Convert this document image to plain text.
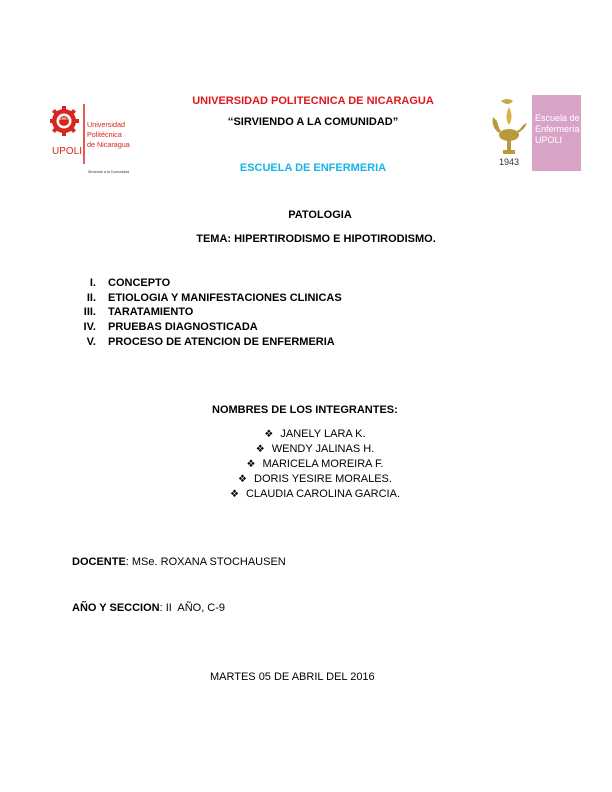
1967
UPOLI
Universidad
Politécnica
de Nicaragua
Sirviendo a la Comunidad
1943
Escuela de
Enfermería
UPOLI
UNIVERSIDAD POLITECNICA DE NICARAGUA
‘‘SIRVIENDO A LA COMUNIDAD”
ESCUELA DE ENFERMERIA
PATOLOGIA
TEMA: HIPERTIRODISMO E HIPOTIRODISMO.
I. CONCEPTO
II. ETIOLOGIA Y MANIFESTACIONES CLINICAS
III. TARATAMIENTO
IV. PRUEBAS DIAGNOSTICADA
V. PROCESO DE ATENCION DE ENFERMERIA
NOMBRES DE LOS INTEGRANTES:
❖ JANELY LARA K.
❖ WENDY JALINAS H.
❖ MARICELA MOREIRA F.
❖ DORIS YESIRE MORALES.
❖ CLAUDIA CAROLINA GARCIA.
DOCENTE: MSe. ROXANA STOCHAUSEN
AÑO Y SECCION: II  AÑO, C-9
MARTES 05 DE ABRIL DEL 2016
